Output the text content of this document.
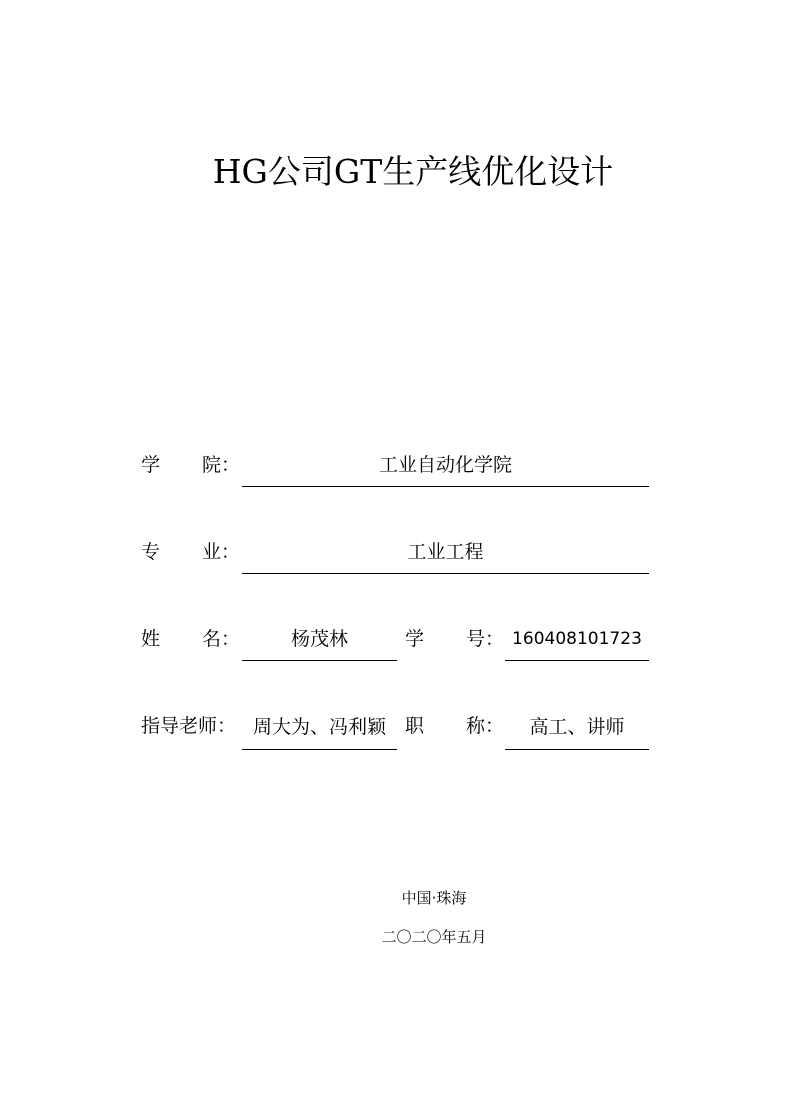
HG公司GT生产线优化设计
学 院：	工业自动化学院
专 业：	工业工程
姓 名：	杨茂林	学 号： 160408101723
指导老师： 周大为、冯利颖	职 称：	高工、讲师
中国·珠海
二〇二〇年五月
